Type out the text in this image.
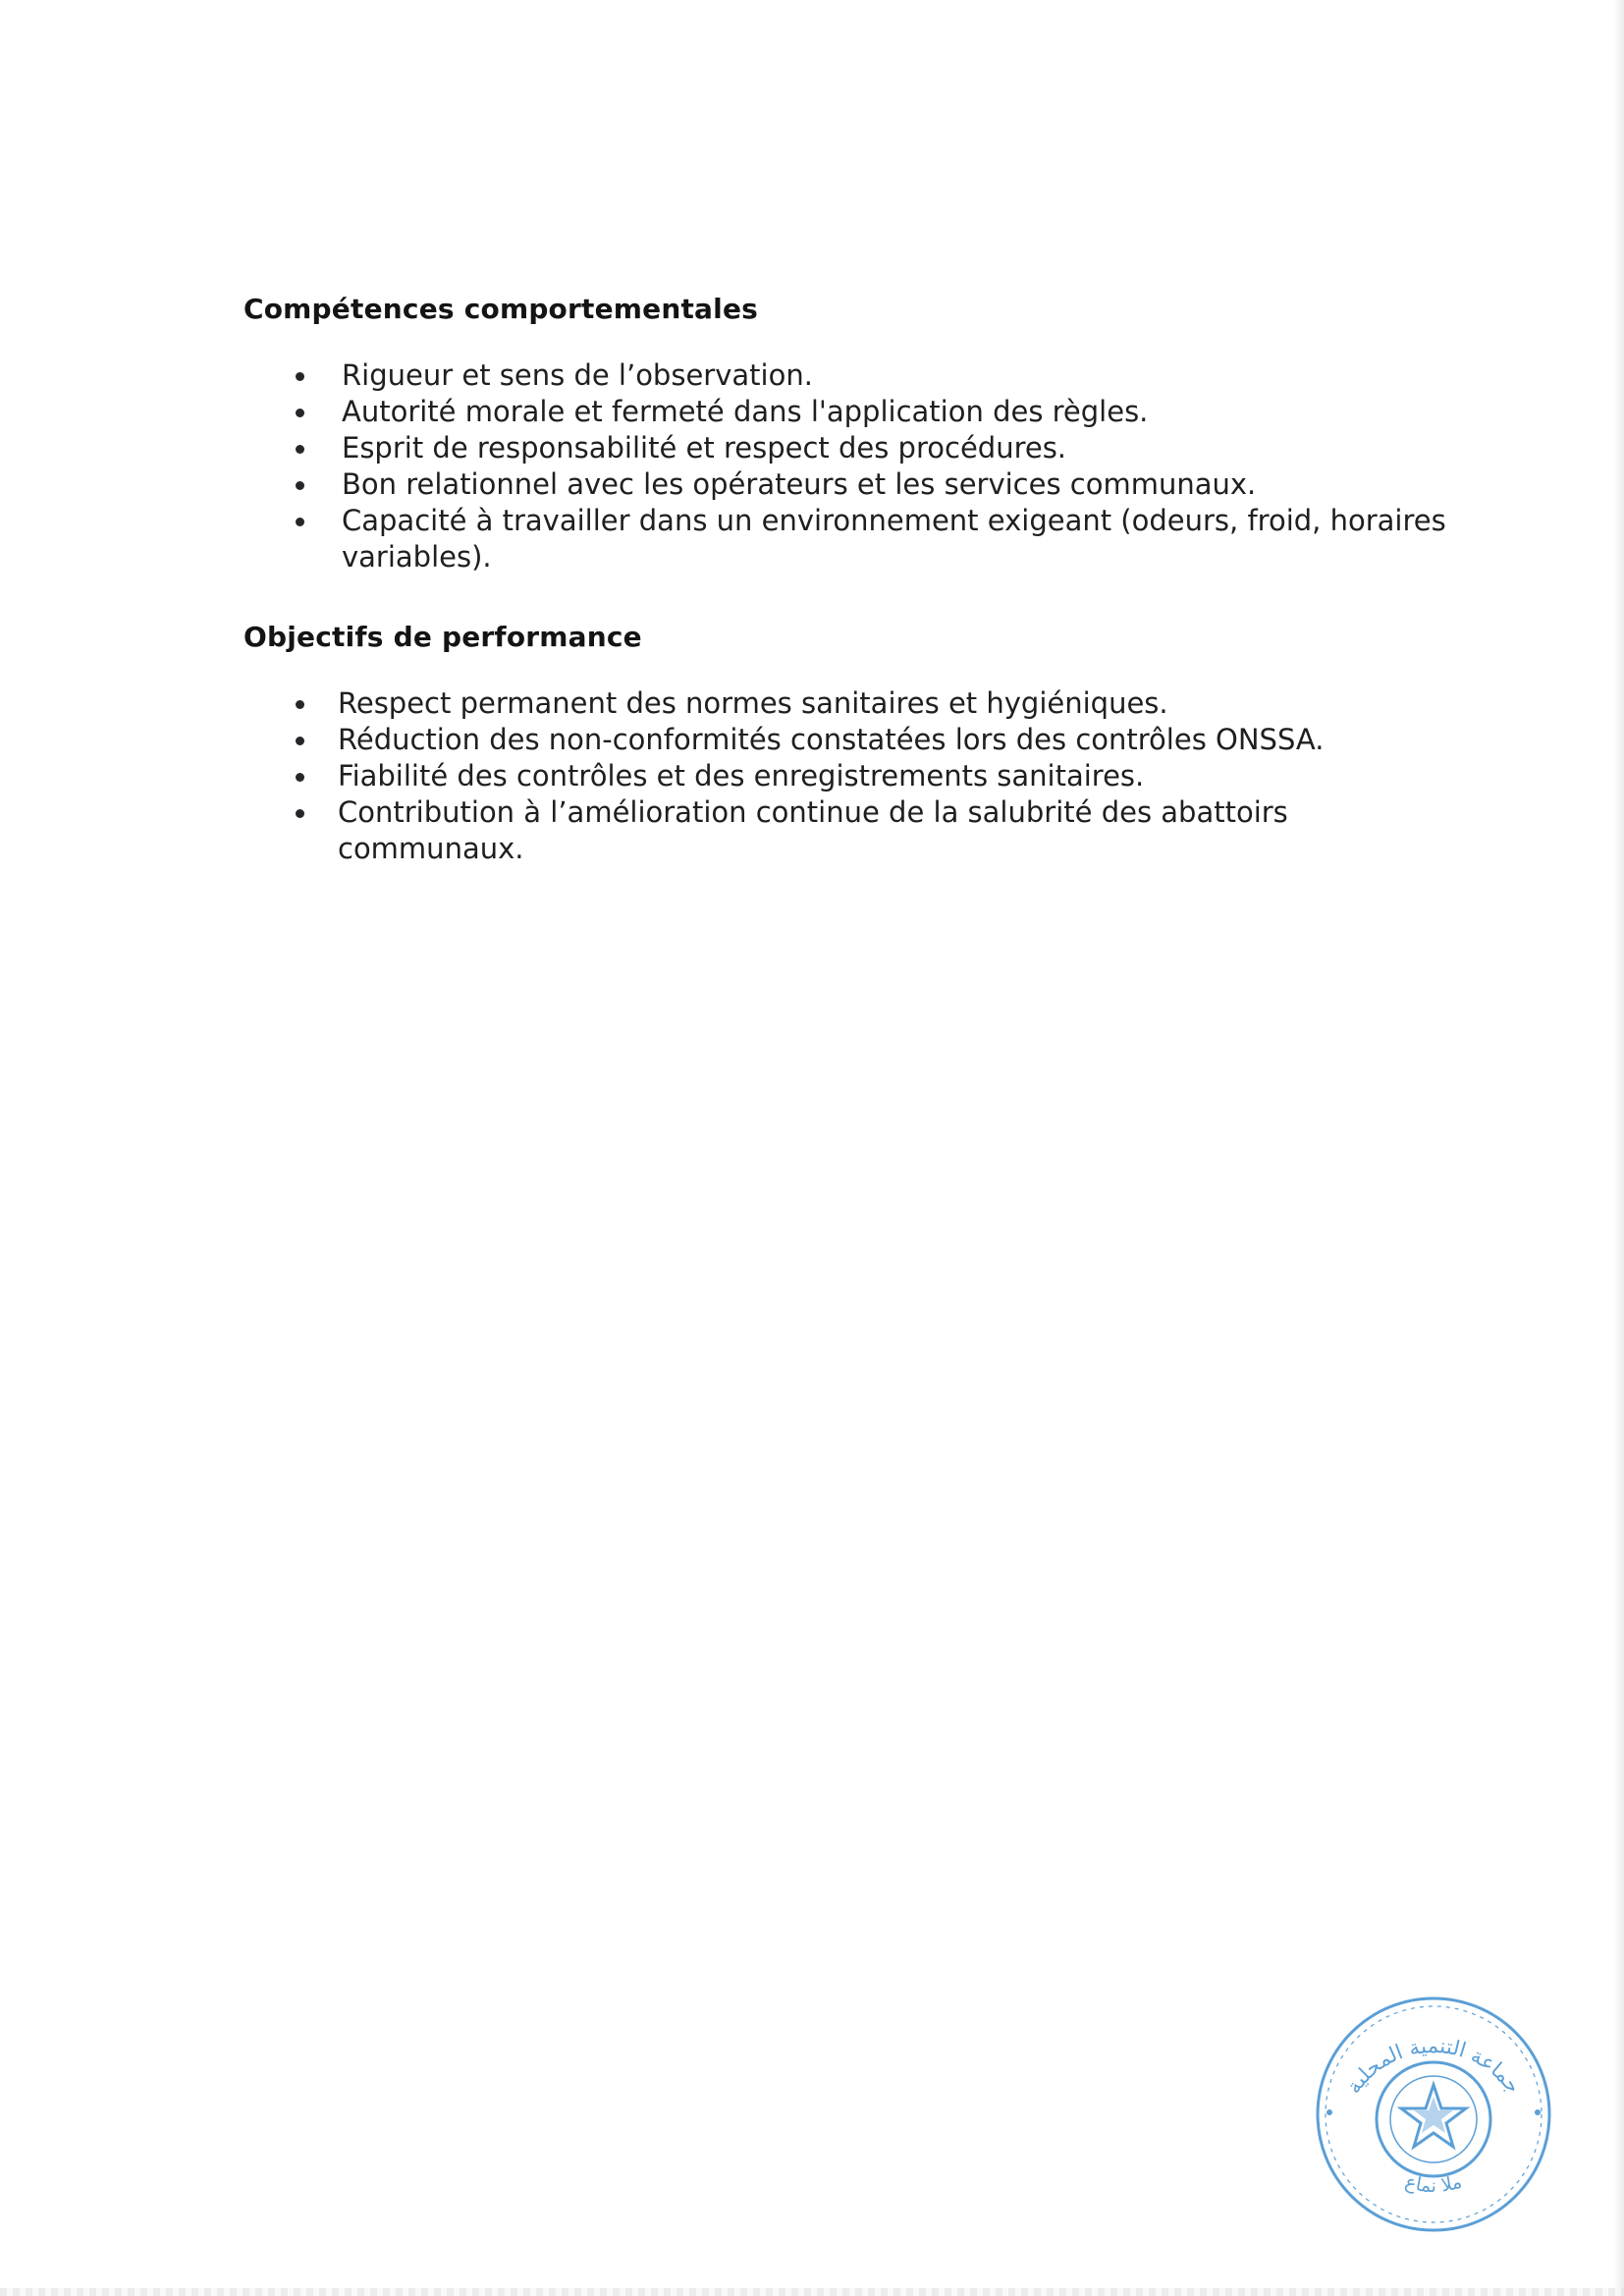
Compétences comportementales
Rigueur et sens de l’observation.
Autorité morale et fermeté dans l'application des règles.
Esprit de responsabilité et respect des procédures.
Bon relationnel avec les opérateurs et les services communaux.
Capacité à travailler dans un environnement exigeant (odeurs, froid, horaires variables).
Objectifs de performance
Respect permanent des normes sanitaires et hygiéniques.
Réduction des non-conformités constatées lors des contrôles ONSSA.
Fiabilité des contrôles et des enregistrements sanitaires.
Contribution à l’amélioration continue de la salubrité des abattoirs communaux.
جماعة التنمية المحلية
ملا نماع
